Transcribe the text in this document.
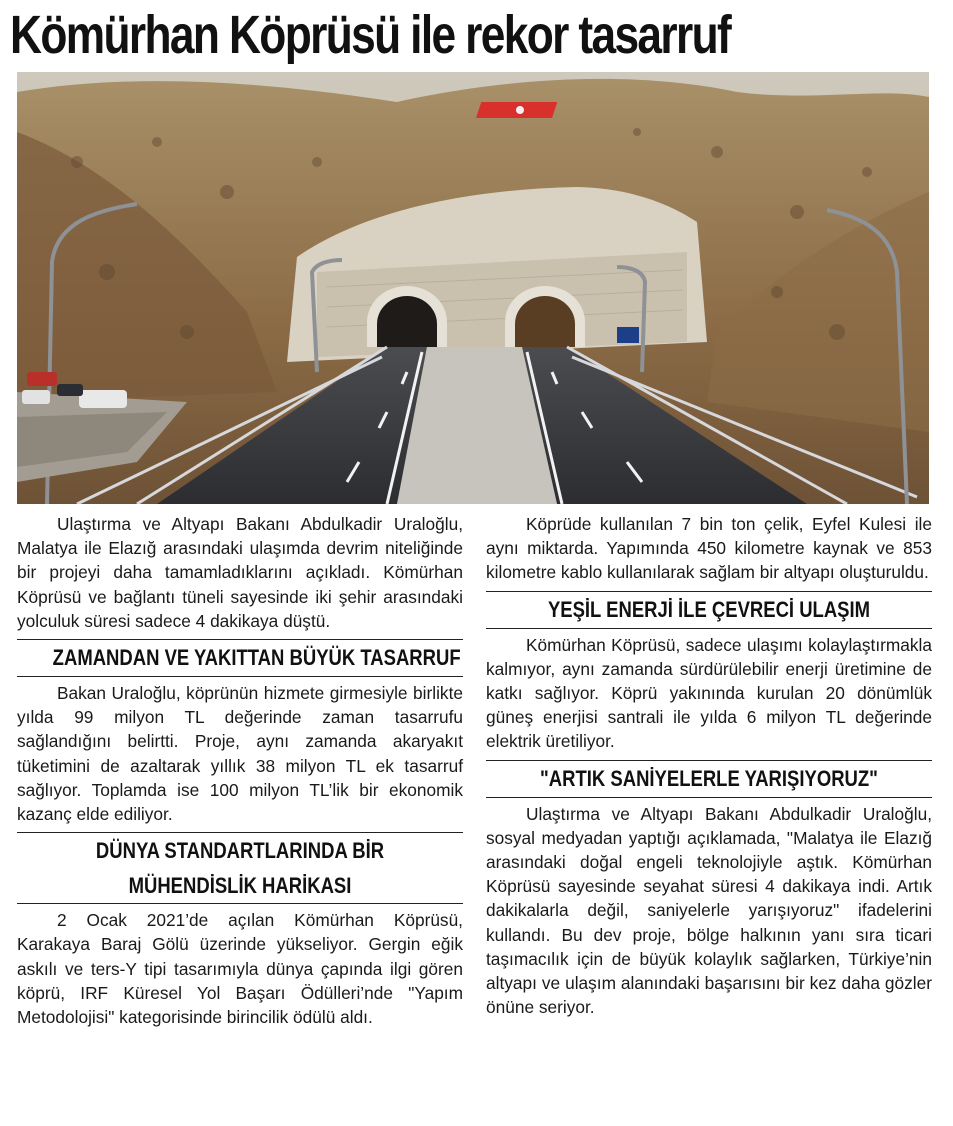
Kömürhan Köprüsü ile rekor tasarruf

Ulaştırma ve Altyapı Bakanı Abdulkadir Uraloğlu, Malatya ile Elazığ arasındaki ulaşımda devrim niteliğinde bir projeyi daha tamamladıklarını açıkladı. Kömürhan Köprüsü ve bağlantı tüneli sayesinde iki şehir arasındaki yolculuk süresi sadece 4 dakikaya düştü.

ZAMANDAN VE YAKITTAN BÜYÜK TASARRUF

Bakan Uraloğlu, köprünün hizmete girmesiyle birlikte yılda 99 milyon TL değerinde zaman tasarrufu sağlandığını belirtti. Proje, aynı zamanda akaryakıt tüketimini de azaltarak yıllık 38 milyon TL ek tasarruf sağlıyor. Toplamda ise 100 milyon TL’lik bir ekonomik kazanç elde ediliyor.

DÜNYA STANDARTLARINDA BİR
MÜHENDİSLİK HARİKASI

2 Ocak 2021’de açılan Kömürhan Köprüsü, Karakaya Baraj Gölü üzerinde yükseliyor. Gergin eğik askılı ve ters-Y tipi tasarımıyla dünya çapında ilgi gören köprü, IRF Küresel Yol Başarı Ödülleri’nde "Yapım Metodolojisi" kategorisinde birincilik ödülü aldı.

Köprüde kullanılan 7 bin ton çelik, Eyfel Kulesi ile aynı miktarda. Yapımında 450 kilometre kaynak ve 853 kilometre kablo kullanılarak sağlam bir altyapı oluşturuldu.

YEŞİL ENERJİ İLE ÇEVRECİ ULAŞIM

Kömürhan Köprüsü, sadece ulaşımı kolaylaştırmakla kalmıyor, aynı zamanda sürdürülebilir enerji üretimine de katkı sağlıyor. Köprü yakınında kurulan 20 dönümlük güneş enerjisi santrali ile yılda 6 milyon TL değerinde elektrik üretiliyor.

"ARTIK SANİYELERLE YARIŞIYORUZ"

Ulaştırma ve Altyapı Bakanı Abdulkadir Uraloğlu, sosyal medyadan yaptığı açıklamada, "Malatya ile Elazığ arasındaki doğal engeli teknolojiyle aştık. Kömürhan Köprüsü sayesinde seyahat süresi 4 dakikaya indi. Artık dakikalarla değil, saniyelerle yarışıyoruz" ifadelerini kullandı. Bu dev proje, bölge halkının yanı sıra ticari taşımacılık için de büyük kolaylık sağlarken, Türkiye’nin altyapı ve ulaşım alanındaki başarısını bir kez daha gözler önüne seriyor.
